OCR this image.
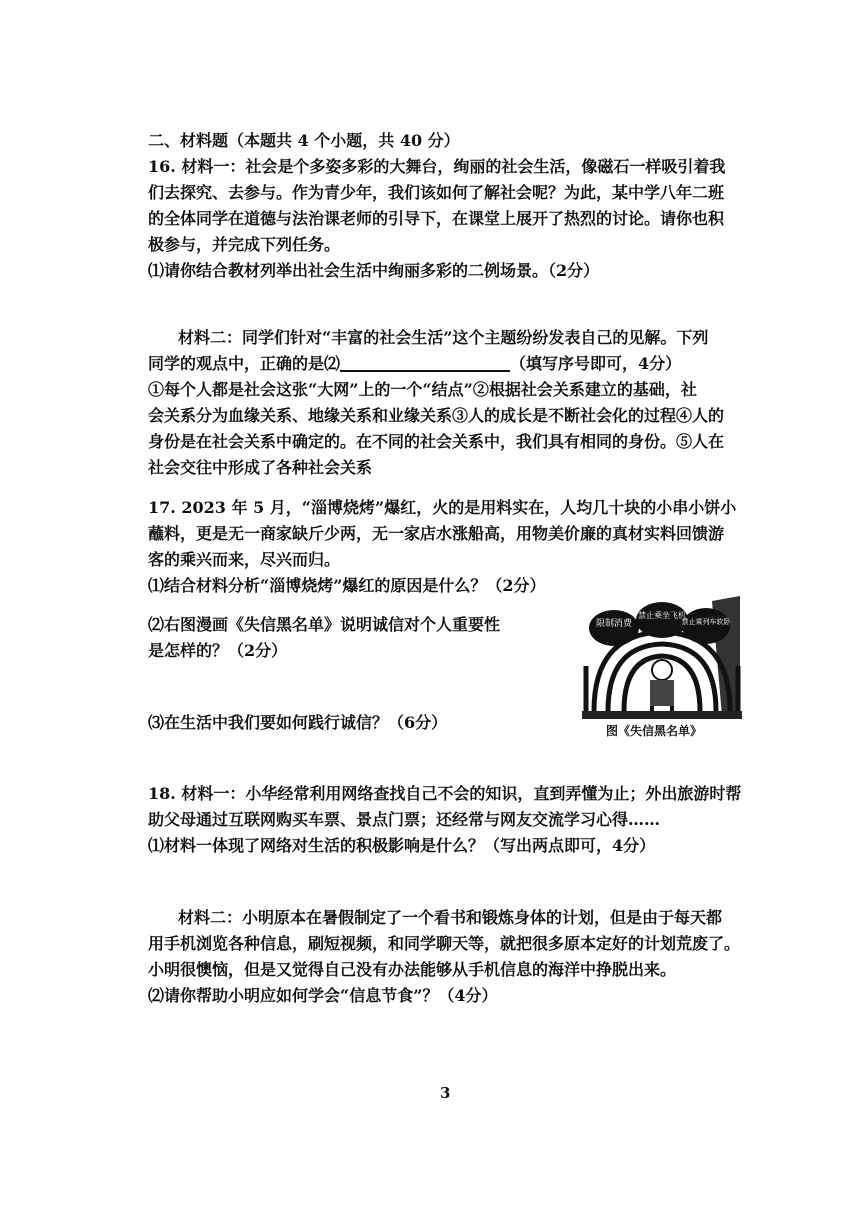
二、材料题（本题共 4 个小题，共 40 分）
16. 材料一：社会是个多姿多彩的大舞台，绚丽的社会生活，像磁石一样吸引着我
们去探究、去参与。作为青少年，我们该如何了解社会呢？为此，某中学八年二班
的全体同学在道德与法治课老师的引导下，在课堂上展开了热烈的讨论。请你也积
极参与，并完成下列任务。
⑴请你结合教材列举出社会生活中绚丽多彩的二例场景。（2分）
材料二：同学们针对“丰富的社会生活”这个主题纷纷发表自己的见解。下列
同学的观点中，正确的是⑵	（填写序号即可，4分）
①每个人都是社会这张“大网”上的一个“结点”②根据社会关系建立的基础，社
会关系分为血缘关系、地缘关系和业缘关系③人的成长是不断社会化的过程④人的
身份是在社会关系中确定的。在不同的社会关系中，我们具有相同的身份。⑤人在
社会交往中形成了各种社会关系
17. 2023 年 5 月，“淄博烧烤”爆红，火的是用料实在，人均几十块的小串小饼小
蘸料，更是无一商家缺斤少两，无一家店水涨船高，用物美价廉的真材实料回馈游
客的乘兴而来，尽兴而归。
⑴结合材料分析“淄博烧烤”爆红的原因是什么？（2分）
⑵右图漫画《失信黑名单》说明诚信对个人重要性
是怎样的？（2分）
⑶在生活中我们要如何践行诚信？（6分）
限制消费
禁止乘坐飞机
禁止乘列车软卧
图《失信黑名单》
18. 材料一：小华经常利用网络查找自己不会的知识，直到弄懂为止；外出旅游时帮
助父母通过互联网购买车票、景点门票；还经常与网友交流学习心得……
⑴材料一体现了网络对生活的积极影响是什么？（写出两点即可，4分）
材料二：小明原本在暑假制定了一个看书和锻炼身体的计划，但是由于每天都
用手机浏览各种信息，刷短视频，和同学聊天等，就把很多原本定好的计划荒废了。
小明很懊恼，但是又觉得自己没有办法能够从手机信息的海洋中挣脱出来。
⑵请你帮助小明应如何学会“信息节食”？（4分）
3
